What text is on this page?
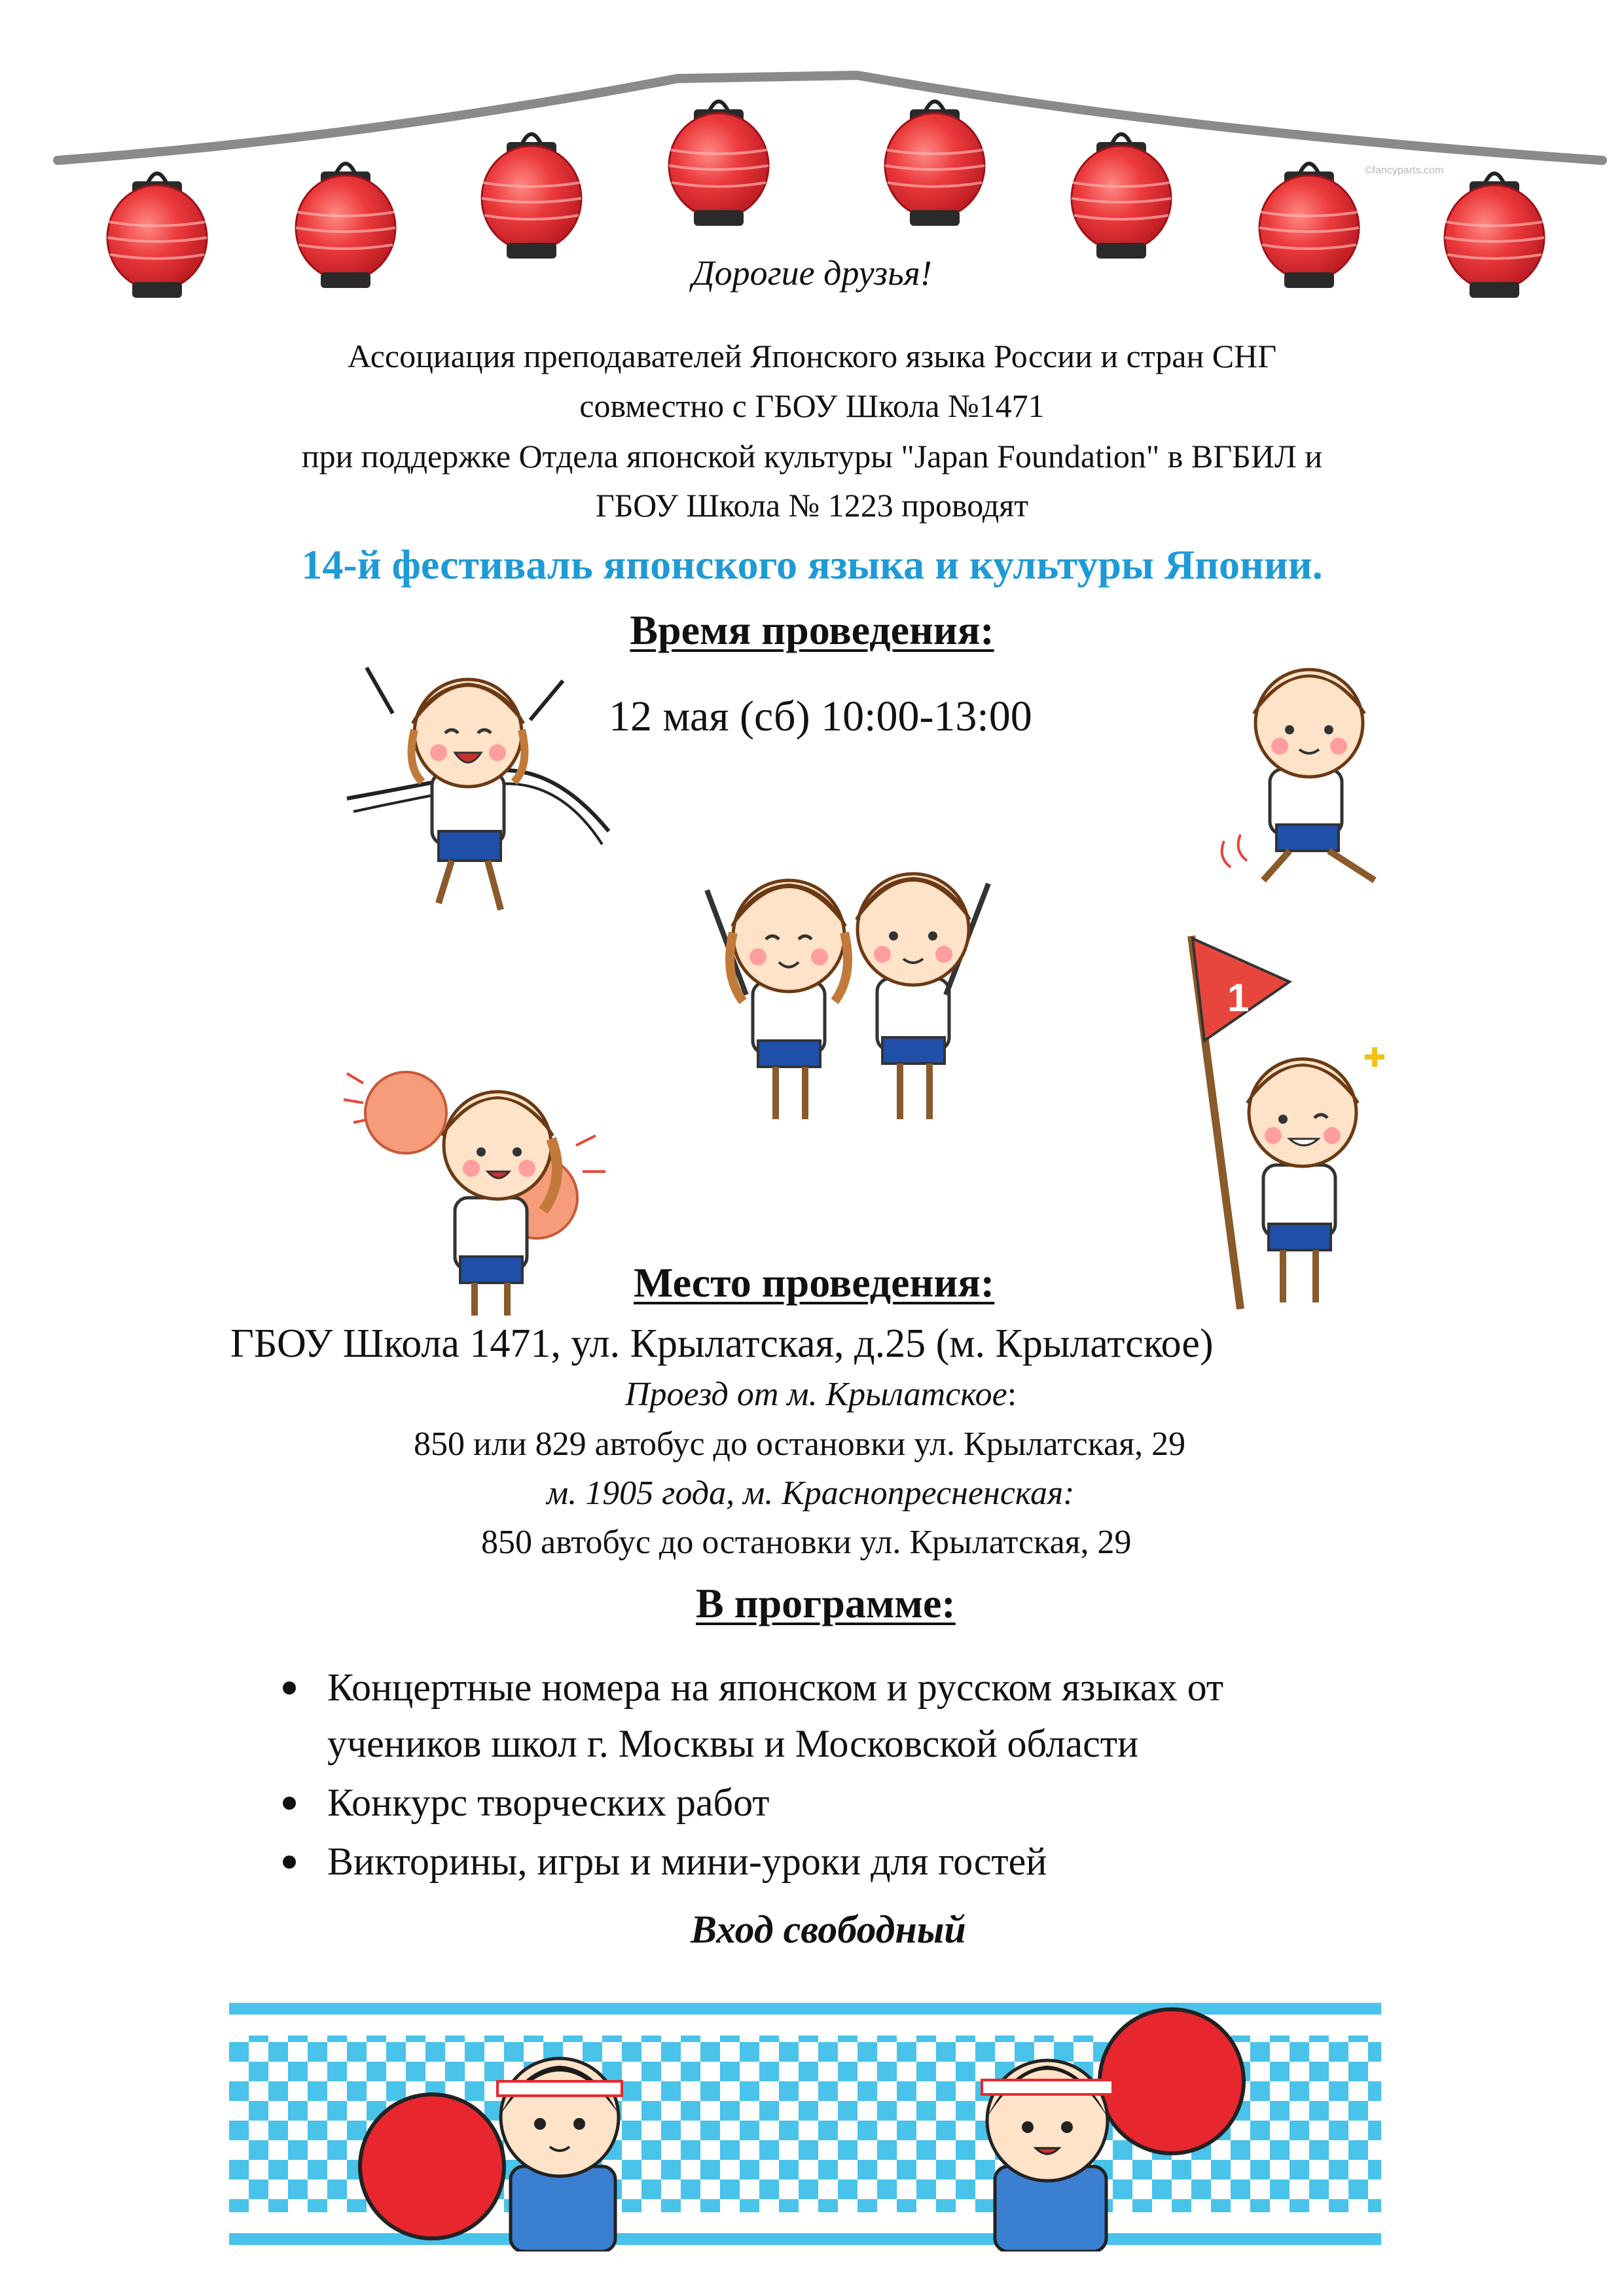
©fancyparts.com
Дорогие друзья!
Ассоциация преподавателей Японского языка России и стран СНГ
совместно с ГБОУ Школа №1471
при поддержке Отдела японской культуры "Japan Foundation" в ВГБИЛ и
ГБОУ Школа № 1223 проводят
14-й фестиваль японского языка и культуры Японии.
Время проведения:
12 мая (сб) 10:00-13:00
1
Место проведения:
ГБОУ Школа 1471, ул. Крылатская, д.25 (м. Крылатское)
Проезд от м. Крылатское:
850 или 829 автобус до остановки ул. Крылатская, 29
м. 1905 года, м. Краснопресненская:
850 автобус до остановки ул. Крылатская, 29
В программе:
Концертные номера на японском и русском языках от
учеников школ г. Москвы и Московской области
Конкурс творческих работ
Викторины, игры и мини-уроки для гостей
Вход свободный
